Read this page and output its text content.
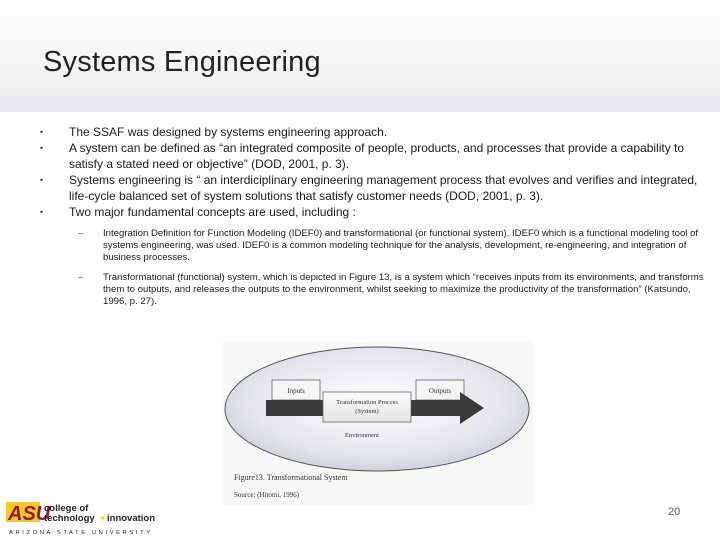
Systems Engineering
• The SSAF was designed by systems engineering approach.
• A system can be defined as “an integrated composite of people, products, and processes that provide a capability to satisfy a stated need or objective” (DOD, 2001, p. 3).
• Systems engineering is “ an interdiciplinary engineering management process that evolves and verifies and integrated, life-cycle balanced set of system solutions that satisfy customer needs (DOD, 2001, p. 3).
• Two major fundamental concepts are used, including :
– Integration Definition for Function Modeling (IDEF0) and transformational (or functional system). IDEF0 which is a functional modeling tool of systems engineering, was used. IDEF0 is a common modeling technique for the analysis, development, re-engineering, and integration of business processes.
– Transformational (functional) system, which is depicted in Figure 13, is a system which “receives inputs from its environments, and transforms them to outputs, and releases the outputs to the environment, whilst seeking to maximize the productivity of the transformation” (Katsundo, 1996, p. 27).
Inputs	Outputs
Transformation Process
(System)
Environment
Figure13. Transformational System
Source: (Hitomi, 1996)
ASU
college of
technology + innovation
ARIZONA STATE UNIVERSITY
20
